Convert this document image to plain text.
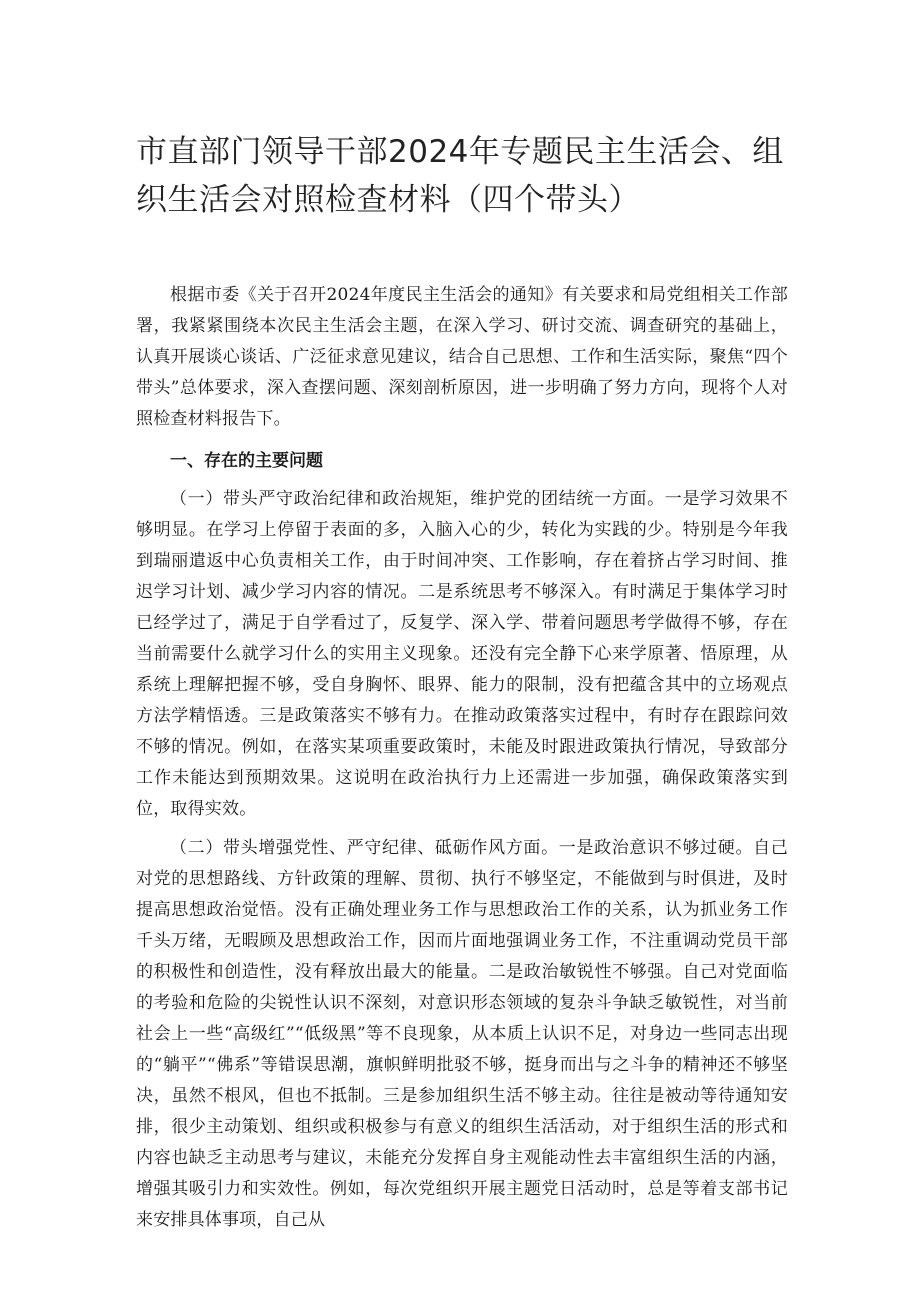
市直部门领导干部2024年专题民主生活会、组织生活会对照检查材料（四个带头）

根据市委《关于召开2024年度民主生活会的通知》有关要求和局党组相关工作部署，我紧紧围绕本次民主生活会主题，在深入学习、研讨交流、调查研究的基础上，认真开展谈心谈话、广泛征求意见建议，结合自己思想、工作和生活实际，聚焦“四个带头”总体要求，深入查摆问题、深刻剖析原因，进一步明确了努力方向，现将个人对照检查材料报告下。

一、存在的主要问题

（一）带头严守政治纪律和政治规矩，维护党的团结统一方面。一是学习效果不够明显。在学习上停留于表面的多，入脑入心的少，转化为实践的少。特别是今年我到瑞丽遣返中心负责相关工作，由于时间冲突、工作影响，存在着挤占学习时间、推迟学习计划、减少学习内容的情况。二是系统思考不够深入。有时满足于集体学习时已经学过了，满足于自学看过了，反复学、深入学、带着问题思考学做得不够，存在当前需要什么就学习什么的实用主义现象。还没有完全静下心来学原著、悟原理，从系统上理解把握不够，受自身胸怀、眼界、能力的限制，没有把蕴含其中的立场观点方法学精悟透。三是政策落实不够有力。在推动政策落实过程中，有时存在跟踪问效不够的情况。例如，在落实某项重要政策时，未能及时跟进政策执行情况，导致部分工作未能达到预期效果。这说明在政治执行力上还需进一步加强，确保政策落实到位，取得实效。

（二）带头增强党性、严守纪律、砥砺作风方面。一是政治意识不够过硬。自己对党的思想路线、方针政策的理解、贯彻、执行不够坚定，不能做到与时俱进，及时提高思想政治觉悟。没有正确处理业务工作与思想政治工作的关系，认为抓业务工作千头万绪，无暇顾及思想政治工作，因而片面地强调业务工作，不注重调动党员干部的积极性和创造性，没有释放出最大的能量。二是政治敏锐性不够强。自己对党面临的考验和危险的尖锐性认识不深刻，对意识形态领域的复杂斗争缺乏敏锐性，对当前社会上一些“高级红”“低级黑”等不良现象，从本质上认识不足，对身边一些同志出现的“躺平”“佛系”等错误思潮，旗帜鲜明批驳不够，挺身而出与之斗争的精神还不够坚决，虽然不根风，但也不抵制。三是参加组织生活不够主动。往往是被动等待通知安排，很少主动策划、组织或积极参与有意义的组织生活活动，对于组织生活的形式和内容也缺乏主动思考与建议，未能充分发挥自身主观能动性去丰富组织生活的内涵，增强其吸引力和实效性。例如，每次党组织开展主题党日活动时，总是等着支部书记来安排具体事项，自己从
